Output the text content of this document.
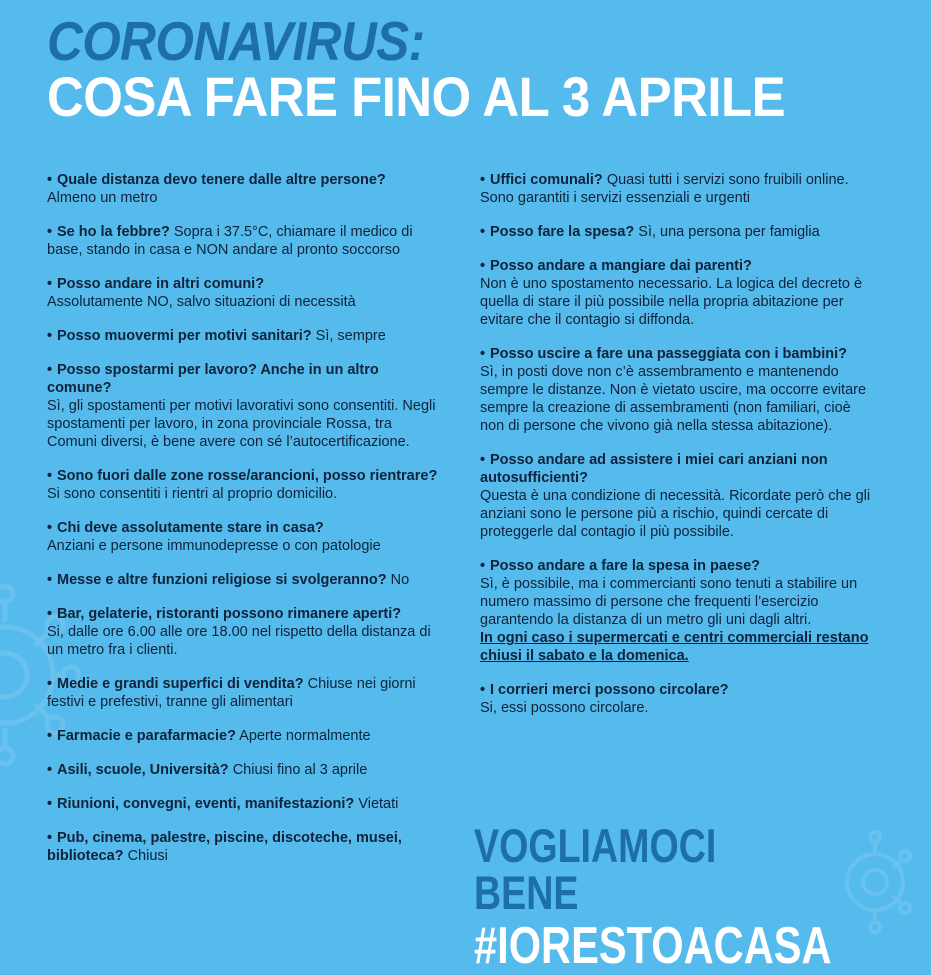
CORONAVIRUS:
COSA FARE FINO AL 3 APRILE
• Quale distanza devo tenere dalle altre persone?
Almeno un metro
• Se ho la febbre? Sopra i 37.5°C, chiamare il medico di base, stando in casa e NON andare al pronto soccorso
• Posso andare in altri comuni?
Assolutamente NO, salvo situazioni di necessità
• Posso muovermi per motivi sanitari? Sì, sempre
• Posso spostarmi per lavoro? Anche in un altro comune?
Sì, gli spostamenti per motivi lavorativi sono consentiti. Negli spostamenti per lavoro, in zona provinciale Rossa, tra Comuni diversi, è bene avere con sé l’autocertificazione.
• Sono fuori dalle zone rosse/arancioni, posso rientrare?
Si sono consentiti i rientri al proprio domicilio.
• Chi deve assolutamente stare in casa?
Anziani e persone immunodepresse o con patologie
• Messe e altre funzioni religiose si svolgeranno? No
• Bar, gelaterie, ristoranti possono rimanere aperti?
Si, dalle ore 6.00 alle ore 18.00 nel rispetto della distanza di un metro fra i clienti.
• Medie e grandi superfici di vendita? Chiuse nei giorni festivi e prefestivi, tranne gli alimentari
• Farmacie e parafarmacie? Aperte normalmente
• Asili, scuole, Università? Chiusi fino al 3 aprile
• Riunioni, convegni, eventi, manifestazioni? Vietati
• Pub, cinema, palestre, piscine, discoteche, musei, biblioteca? Chiusi
• Uffici comunali? Quasi tutti i servizi sono fruibili online. Sono garantiti i servizi essenziali e urgenti
• Posso fare la spesa? Sì, una persona per famiglia
• Posso andare a mangiare dai parenti?
Non è uno spostamento necessario. La logica del decreto è quella di stare il più possibile nella propria abitazione per evitare che il contagio si diffonda.
• Posso uscire a fare una passeggiata con i bambini?
Sì, in posti dove non c’è assembramento e mantenendo sempre le distanze. Non è vietato uscire, ma occorre evitare sempre la creazione di assembramenti (non familiari, cioè non di persone che vivono già nella stessa abitazione).
• Posso andare ad assistere i miei cari anziani non autosufficienti?
Questa è una condizione di necessità. Ricordate però che gli anziani sono le persone più a rischio, quindi cercate di proteggerle dal contagio il più possibile.
• Posso andare a fare la spesa in paese?
Sì, è possibile, ma i commercianti sono tenuti a stabilire un numero massimo di persone che frequenti l’esercizio garantendo la distanza di un metro gli uni dagli altri.
In ogni caso i supermercati e centri commerciali restano chiusi il sabato e la domenica.
• I corrieri merci possono circolare?
Si, essi possono circolare.
VOGLIAMOCI BENE
#IORESTOACASA
